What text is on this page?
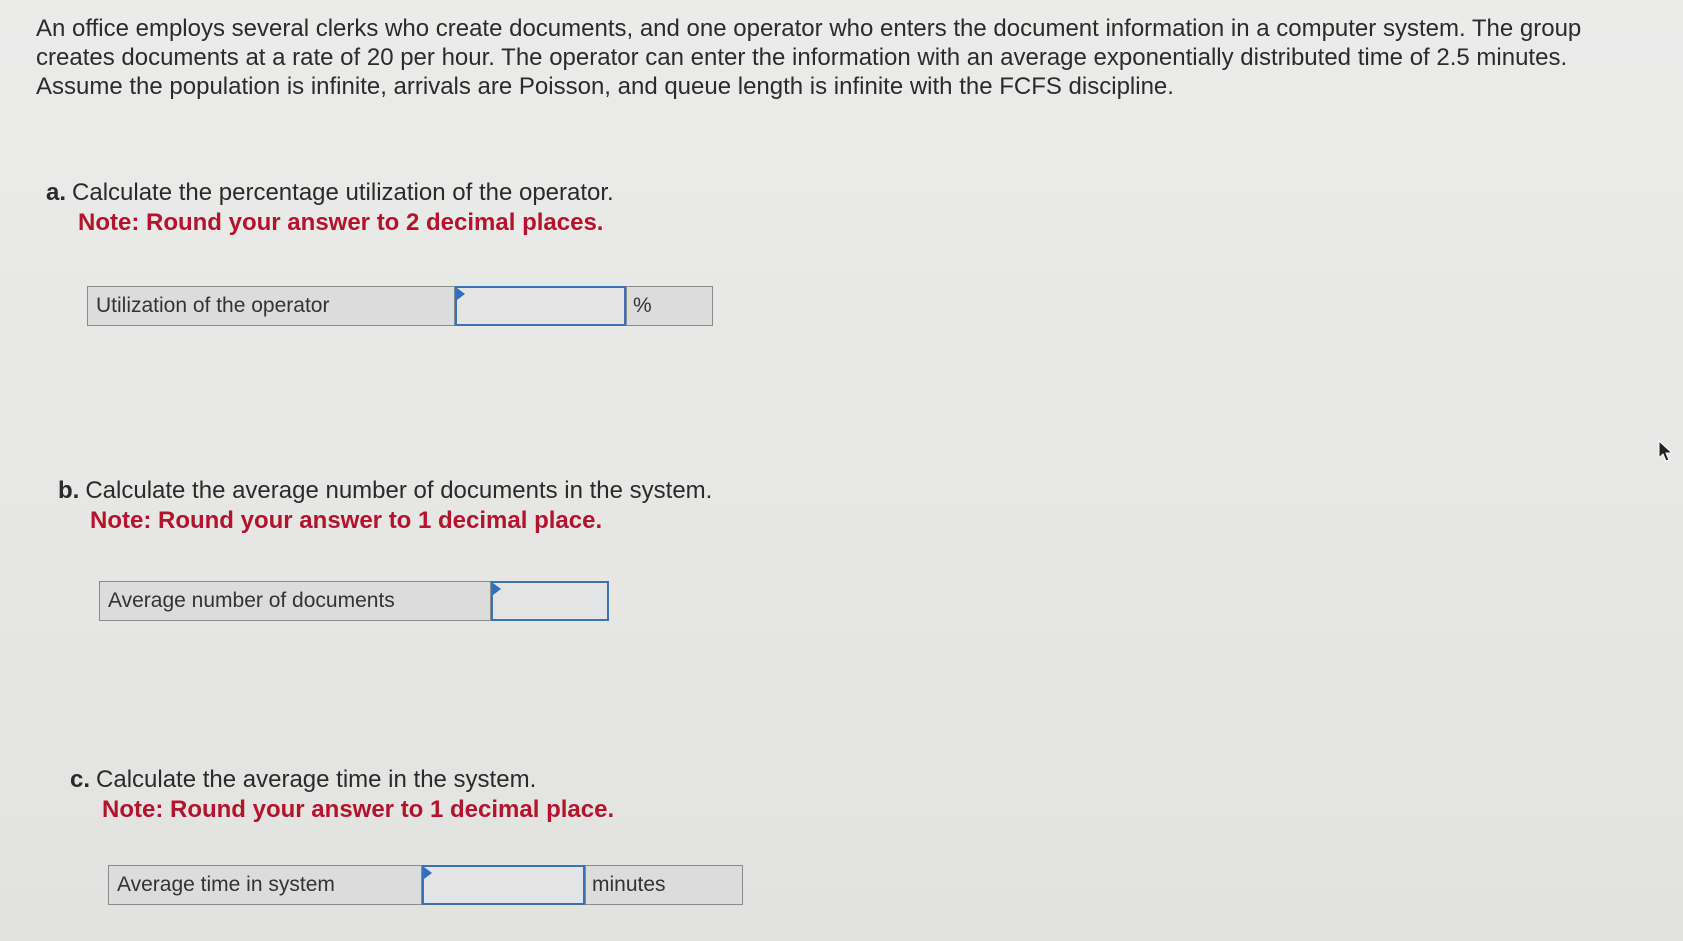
An office employs several clerks who create documents, and one operator who enters the document information in a computer system. The group creates documents at a rate of 20 per hour. The operator can enter the information with an average exponentially distributed time of 2.5 minutes. Assume the population is infinite, arrivals are Poisson, and queue length is infinite with the FCFS discipline.
a. Calculate the percentage utilization of the operator.
Note: Round your answer to 2 decimal places.
Utilization of the operator	%
b. Calculate the average number of documents in the system.
Note: Round your answer to 1 decimal place.
Average number of documents
c. Calculate the average time in the system.
Note: Round your answer to 1 decimal place.
Average time in system	minutes
